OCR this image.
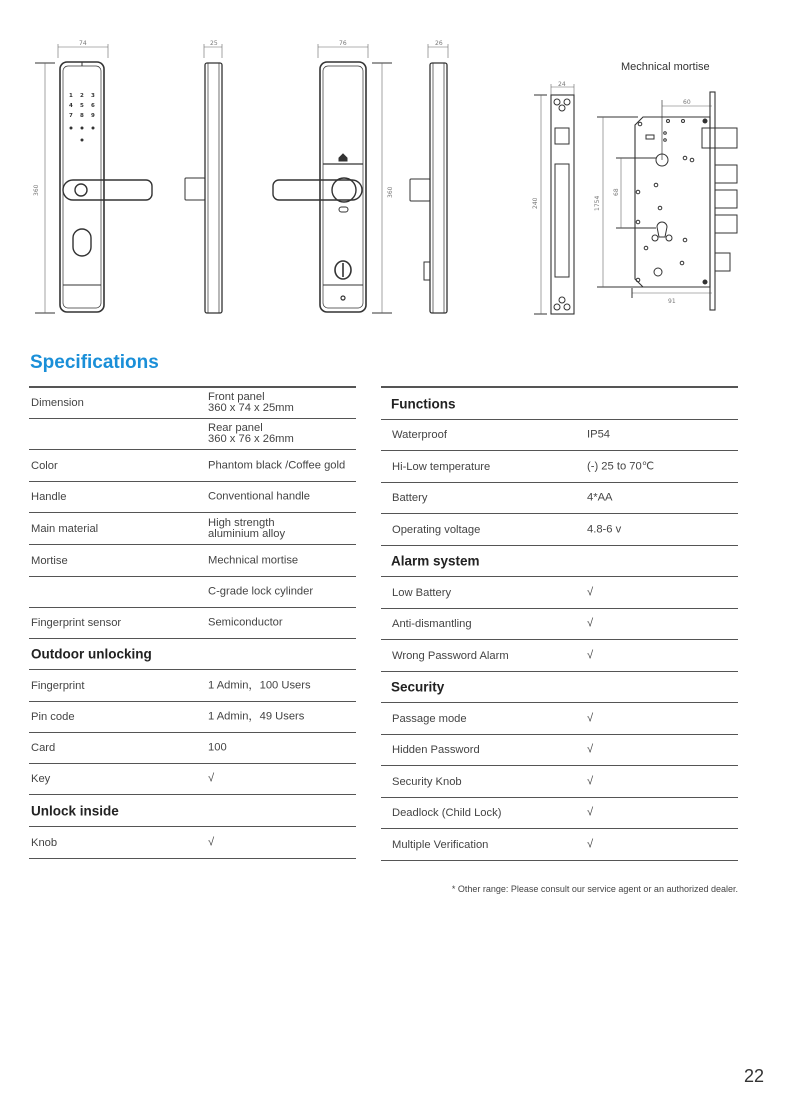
1 2 3
4 5 6
7 8 9
74
360
25	76
360
26
24
240
60
68
1754
91
Mechnical mortise
Specifications
Dimension	Front panel
360 x 74 x 25mm
Rear panel
360 x 76 x 26mm
Color	Phantom black /Coffee gold
Handle	Conventional handle
Main material	High strength
aluminium alloy
Mortise	Mechnical mortise
C-grade lock cylinder
Fingerprint sensor	Semiconductor
Outdoor unlocking
Fingerprint	1 Admin，100 Users
Pin code	1 Admin，49 Users
Card	100
Key	√
Unlock inside
Knob	√
Functions
Waterproof	IP54
Hi-Low temperature	(-) 25 to 70℃
Battery	4*AA
Operating voltage	4.8-6 v
Alarm system
Low Battery	√
Anti-dismantling	√
Wrong Password Alarm	√
Security
Passage mode	√
Hidden Password	√
Security Knob	√
Deadlock (Child Lock)	√
Multiple Verification	√
* Other range: Please consult our service agent or an authorized dealer.
22
